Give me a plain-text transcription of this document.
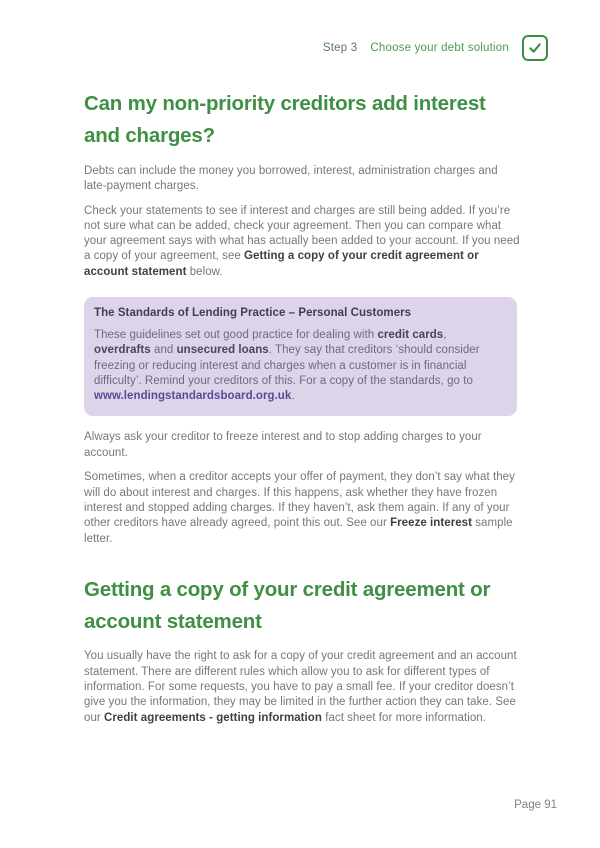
Step 3 Choose your debt solution
Can my non-priority creditors add interest and charges?

Debts can include the money you borrowed, interest, administration charges and late-payment charges.

Check your statements to see if interest and charges are still being added. If you’re not sure what can be added, check your agreement. Then you can compare what your agreement says with what has actually been added to your account. If you need a copy of your agreement, see Getting a copy of your credit agreement or account statement below.

The Standards of Lending Practice – Personal Customers

These guidelines set out good practice for dealing with credit cards, overdrafts and unsecured loans. They say that creditors ‘should consider freezing or reducing interest and charges when a customer is in financial difficulty’. Remind your creditors of this. For a copy of the standards, go to www.lendingstandardsboard.org.uk.

Always ask your creditor to freeze interest and to stop adding charges to your account.

Sometimes, when a creditor accepts your offer of payment, they don’t say what they will do about interest and charges. If this happens, ask whether they have frozen interest and stopped adding charges. If they haven’t, ask them again. If any of your other creditors have already agreed, point this out. See our Freeze interest sample letter.

Getting a copy of your credit agreement or account statement

You usually have the right to ask for a copy of your credit agreement and an account statement. There are different rules which allow you to ask for different types of information. For some requests, you have to pay a small fee. If your creditor doesn’t give you the information, they may be limited in the further action they can take. See our Credit agreements - getting information fact sheet for more information.

Page 91
